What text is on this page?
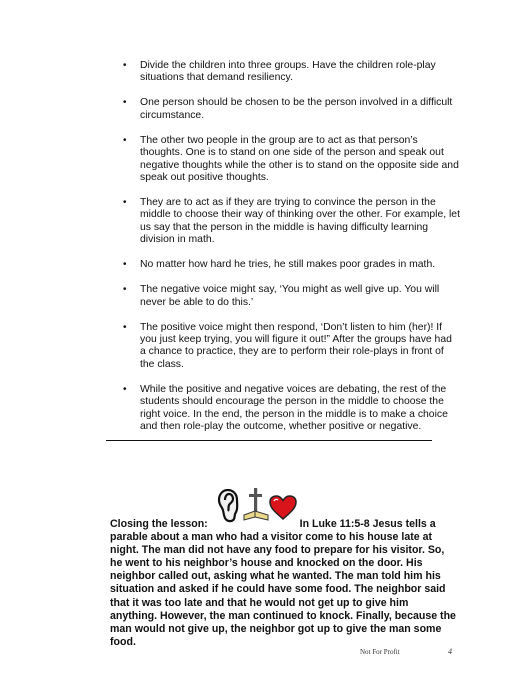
• Divide the children into three groups. Have the children role-play situations that demand resiliency.
• One person should be chosen to be the person involved in a difficult circumstance.
• The other two people in the group are to act as that person’s thoughts. One is to stand on one side of the person and speak out negative thoughts while the other is to stand on the opposite side and speak out positive thoughts.
• They are to act as if they are trying to convince the person in the middle to choose their way of thinking over the other. For example, let us say that the person in the middle is having difficulty learning division in math.
• No matter how hard he tries, he still makes poor grades in math.
• The negative voice might say, ‘You might as well give up. You will never be able to do this.’
• The positive voice might then respond, ‘Don’t listen to him (her)! If you just keep trying, you will figure it out!” After the groups have had a chance to practice, they are to perform their role-plays in front of the class.
• While the positive and negative voices are debating, the rest of the students should encourage the person in the middle to choose the right voice. In the end, the person in the middle is to make a choice and then role-play the outcome, whether positive or negative.
Closing the lesson:	In Luke 11:5-8 Jesus tells a parable about a man who had a visitor come to his house late at night. The man did not have any food to prepare for his visitor. So, he went to his neighbor’s house and knocked on the door. His neighbor called out, asking what he wanted. The man told him his situation and asked if he could have some food. The neighbor said that it was too late and that he would not get up to give him anything. However, the man continued to knock. Finally, because the man would not give up, the neighbor got up to give the man some food.
Not For Profit	4
